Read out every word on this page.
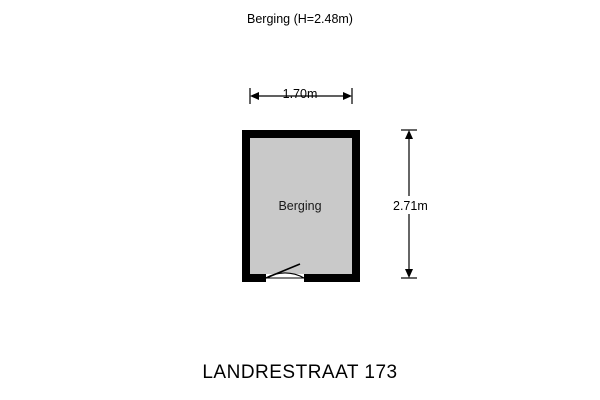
Berging (H=2.48m)
1.70m
2.71m
Berging
LANDRESTRAAT 173
